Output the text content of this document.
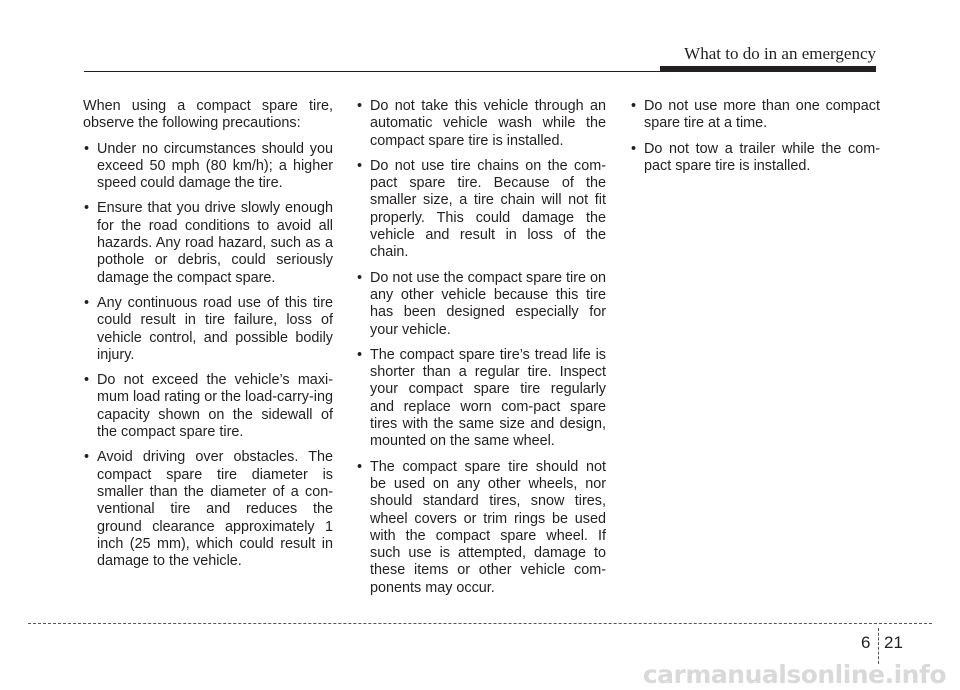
What to do in an emergency

When using a compact spare tire, observe the following precautions:

• Under no circumstances should you exceed 50 mph (80 km/h); a higher speed could damage the tire.
• Ensure that you drive slowly enough for the road conditions to avoid all hazards. Any road hazard, such as a pothole or debris, could seriously damage the compact spare.
• Any continuous road use of this tire could result in tire failure, loss of vehicle control, and possible bodily injury.
• Do not exceed the vehicle’s maxi-mum load rating or the load-carry-ing capacity shown on the sidewall of the compact spare tire.
• Avoid driving over obstacles. The compact spare tire diameter is smaller than the diameter of a con-ventional tire and reduces the ground clearance approximately 1 inch (25 mm), which could result in damage to the vehicle.
• Do not take this vehicle through an automatic vehicle wash while the compact spare tire is installed.
• Do not use tire chains on the com-pact spare tire. Because of the smaller size, a tire chain will not fit properly. This could damage the vehicle and result in loss of the chain.
• Do not use the compact spare tire on any other vehicle because this tire has been designed especially for your vehicle.
• The compact spare tire’s tread life is shorter than a regular tire. Inspect your compact spare tire regularly and replace worn com-pact spare tires with the same size and design, mounted on the same wheel.
• The compact spare tire should not be used on any other wheels, nor should standard tires, snow tires, wheel covers or trim rings be used with the compact spare wheel. If such use is attempted, damage to these items or other vehicle com-ponents may occur.
• Do not use more than one compact spare tire at a time.
• Do not tow a trailer while the com-pact spare tire is installed.
6 21
carmanualsonline.info
